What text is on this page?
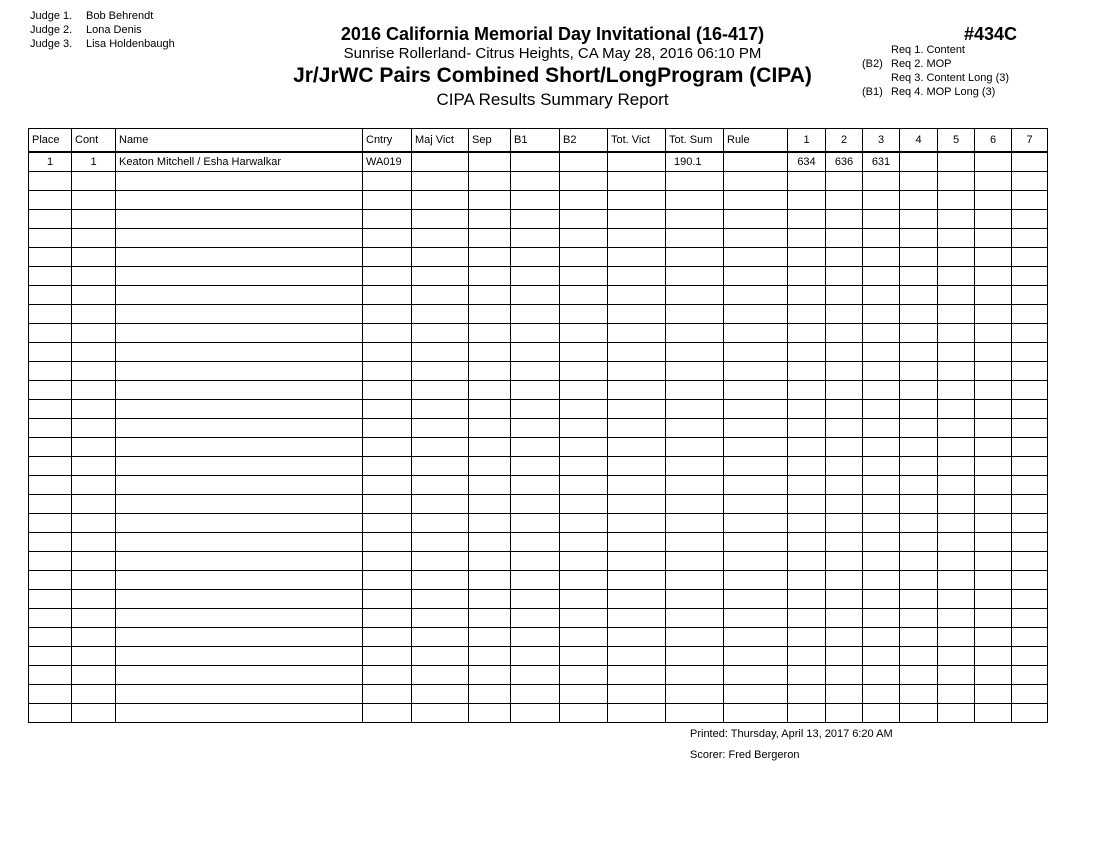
Judge 1. Bob Behrendt
Judge 2. Lona Denis
Judge 3. Lisa Holdenbaugh	2016 California Memorial Day Invitational (16-417)
Sunrise Rollerland- Citrus Heights, CA May 28, 2016 06:10 PM
Jr/JrWC Pairs Combined Short/LongProgram (CIPA)
CIPA Results Summary Report
#434C
Req 1. Content
(B2) Req 2. MOP
Req 3. Content Long (3)
(B1) Req 4. MOP Long (3)
Place	Cont	Name	Cntry	Maj Vict	Sep	B1	B2	Tot. Vict	Tot. Sum	Rule	1	2	3	4	5	6	7
1	1	Keaton Mitchell / Esha Harwalkar	WA019						190.1		634	636	631				

Printed: Thursday, April 13, 2017 6:20 AM
Scorer: Fred Bergeron
